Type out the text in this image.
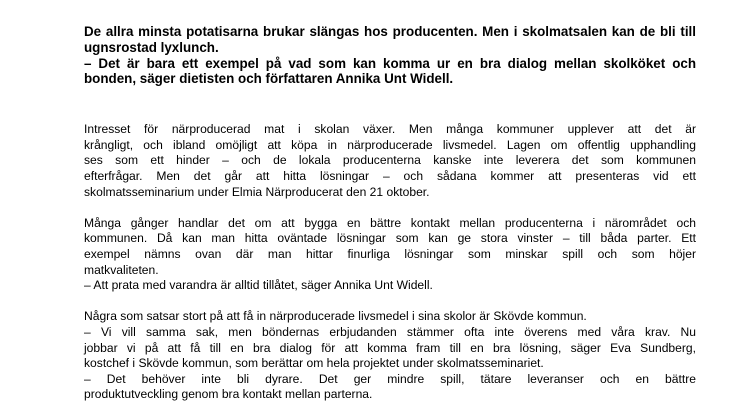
De allra minsta potatisarna brukar slängas hos producenten. Men i skolmatsalen kan de bli till ugnsrostad lyxlunch.

– Det är bara ett exempel på vad som kan komma ur en bra dialog mellan skolköket och bonden, säger dietisten och författaren Annika Unt Widell.

Intresset för närproducerad mat i skolan växer. Men många kommuner upplever att det är
krångligt, och ibland omöjligt att köpa in närproducerade livsmedel. Lagen om offentlig upphandling
ses som ett hinder – och de lokala producenterna kanske inte leverera det som kommunen
efterfrågar. Men det går att hitta lösningar – och sådana kommer att presenteras vid ett
skolmatsseminarium under Elmia Närproducerat den 21 oktober.
Många gånger handlar det om att bygga en bättre kontakt mellan producenterna i närområdet och
kommunen. Då kan man hitta oväntade lösningar som kan ge stora vinster – till båda parter. Ett
exempel nämns ovan där man hittar finurliga lösningar som minskar spill och som höjer
matkvaliteten.
– Att prata med varandra är alltid tillåtet, säger Annika Unt Widell.
Några som satsar stort på att få in närproducerade livsmedel i sina skolor är Skövde kommun.
– Vi vill samma sak, men böndernas erbjudanden stämmer ofta inte överens med våra krav. Nu
jobbar vi på att få till en bra dialog för att komma fram till en bra lösning, säger Eva Sundberg,
kostchef i Skövde kommun, som berättar om hela projektet under skolmatsseminariet.
– Det behöver inte bli dyrare. Det ger mindre spill, tätare leveranser och en bättre
produktutveckling genom bra kontakt mellan parterna.
